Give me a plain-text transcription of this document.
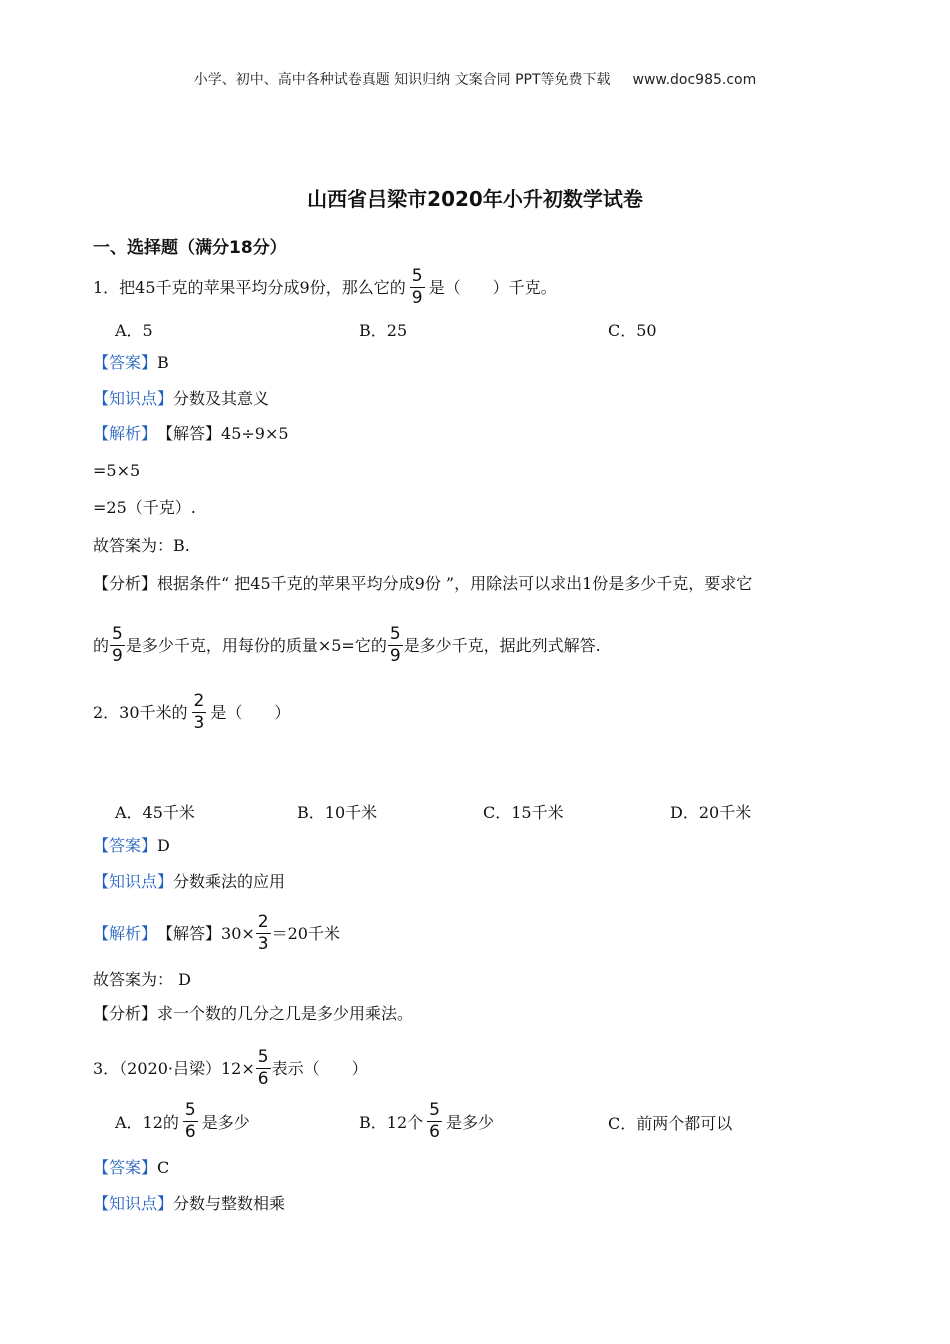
小学、初中、高中各种试卷真题 知识归纳 文案合同 PPT等免费下载 www.doc985.com
山西省吕梁市2020年小升初数学试卷
一、选择题（满分18分）
1．把45千克的苹果平均分成9份，那么它的 $\frac{5}{9}$ 是（　　）千克。
A．5	B．25	C．50
【答案】 B
【知识点】 分数及其意义
【解析】 【解答】 45÷9×5
=5×5
=25（千克）.
故答案为：B.
【分析】 根据条件“ 把45千克的苹果平均分成9份 ”，用除法可以求出1份是多少千克，要求它
的 $\frac{5}{9}$ 是多少千克，用每份的质量×5=它的 $\frac{5}{9}$ 是多少千克，据此列式解答.
2．30千米的 $\frac{2}{3}$ 是（　　）
A．45千米	B．10千米	C．15千米	D．20千米
【答案】 D
【知识点】 分数乘法的应用
【解析】 【解答】 $30\times \frac{2}{3} =20$千米
故答案为： D
【分析】 求一个数的几分之几是多少用乘法。
3．（2020·吕梁）$12\times \frac{5}{6}$ 表示（　　）
A．12的 $\frac{5}{6}$ 是多少	B．12个 $\frac{5}{6}$ 是多少	C．前两个都可以
【答案】 C
【知识点】 分数与整数相乘
